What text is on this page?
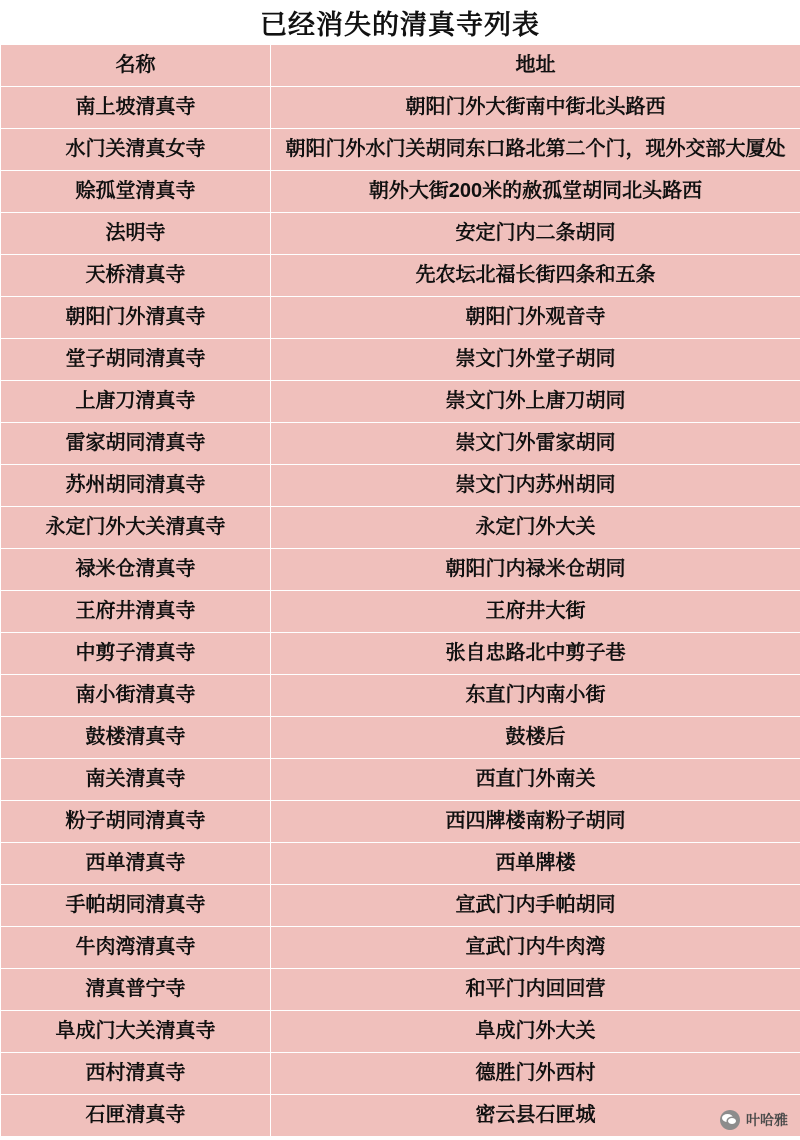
已经消失的清真寺列表
名称	地址
南上坡清真寺	朝阳门外大街南中街北头路西
水门关清真女寺	朝阳门外水门关胡同东口路北第二个门，现外交部大厦处
赊孤堂清真寺	朝外大街200米的赦孤堂胡同北头路西
法明寺	安定门内二条胡同
天桥清真寺	先农坛北福长街四条和五条
朝阳门外清真寺	朝阳门外观音寺
堂子胡同清真寺	崇文门外堂子胡同
上唐刀清真寺	崇文门外上唐刀胡同
雷家胡同清真寺	崇文门外雷家胡同
苏州胡同清真寺	崇文门内苏州胡同
永定门外大关清真寺	永定门外大关
禄米仓清真寺	朝阳门内禄米仓胡同
王府井清真寺	王府井大街
中剪子清真寺	张自忠路北中剪子巷
南小街清真寺	东直门内南小街
鼓楼清真寺	鼓楼后
南关清真寺	西直门外南关
粉子胡同清真寺	西四牌楼南粉子胡同
西单清真寺	西单牌楼
手帕胡同清真寺	宣武门内手帕胡同
牛肉湾清真寺	宣武门内牛肉湾
清真普宁寺	和平门内回回营
阜成门大关清真寺	阜成门外大关
西村清真寺	德胜门外西村
石匣清真寺	密云县石匣城	叶哈雅
